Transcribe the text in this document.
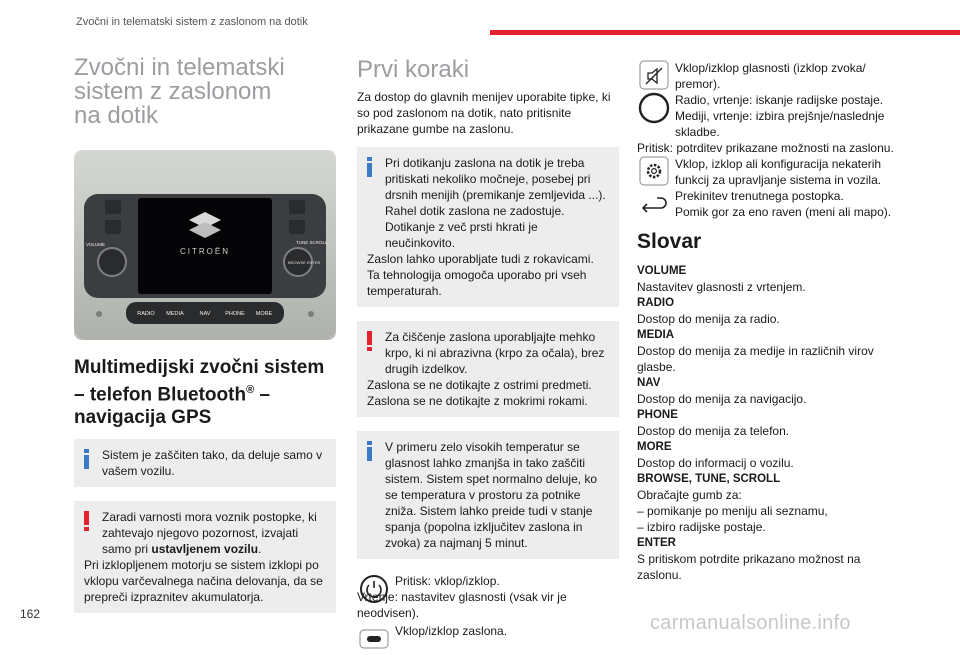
Zvočni in telematski sistem z zaslonom na dotik
Zvočni in telematski sistem z zaslonom na dotik
CITROËN
VOLUME	TUNE SCROLL
BROWSE ENTER
RADIO MEDIA	NAV	PHONE MORE
Multimedijski zvočni sistem – telefon Bluetooth® – navigacija GPS
Sistem je zaščiten tako, da deluje samo v vašem vozilu.
Zaradi varnosti mora voznik postopke, ki zahtevajo njegovo pozornost, izvajati samo pri ustavljenem vozilu.
Pri izklopljenem motorju se sistem izklopi po vklopu varčevalnega načina delovanja, da se prepreči izpraznitev akumulatorja.
Prvi koraki
Za dostop do glavnih menijev uporabite tipke, ki so pod zaslonom na dotik, nato pritisnite prikazane gumbe na zaslonu.
Pri dotikanju zaslona na dotik je treba pritiskati nekoliko močneje, posebej pri drsnih menijih (premikanje zemljevida ...). Rahel dotik zaslona ne zadostuje. Dotikanje z več prsti hkrati je neučinkovito.
Zaslon lahko uporabljate tudi z rokavicami.
Ta tehnologija omogoča uporabo pri vseh temperaturah.
Za čiščenje zaslona uporabljajte mehko krpo, ki ni abrazivna (krpo za očala), brez drugih izdelkov.
Zaslona se ne dotikajte z ostrimi predmeti.
Zaslona se ne dotikajte z mokrimi rokami.
V primeru zelo visokih temperatur se glasnost lahko zmanjša in tako zaščiti sistem. Sistem spet normalno deluje, ko se temperatura v prostoru za potnike zniža. Sistem lahko preide tudi v stanje spanja (popolna izključitev zaslona in zvoka) za najmanj 5 minut.
Pritisk: vklop/izklop.
Vrtenje: nastavitev glasnosti (vsak vir je neodvisen).
Vklop/izklop zaslona.
Vklop/izklop glasnosti (izklop zvoka/ premor).
Radio, vrtenje: iskanje radijske postaje.
Mediji, vrtenje: izbira prejšnje/naslednje skladbe.
Pritisk: potrditev prikazane možnosti na zaslonu.
Vklop, izklop ali konfiguracija nekaterih funkcij za upravljanje sistema in vozila.
Prekinitev trenutnega postopka.
Pomik gor za eno raven (meni ali mapo).
Slovar
VOLUME
Nastavitev glasnosti z vrtenjem.
RADIO
Dostop do menija za radio.
MEDIA
Dostop do menija za medije in različnih virov glasbe.
NAV
Dostop do menija za navigacijo.
PHONE
Dostop do menija za telefon.
MORE
Dostop do informacij o vozilu.
BROWSE, TUNE, SCROLL
Obračajte gumb za:
– pomikanje po meniju ali seznamu,
– izbiro radijske postaje.
ENTER
S pritiskom potrdite prikazano možnost na zaslonu.
162	carmanualsonline.info
